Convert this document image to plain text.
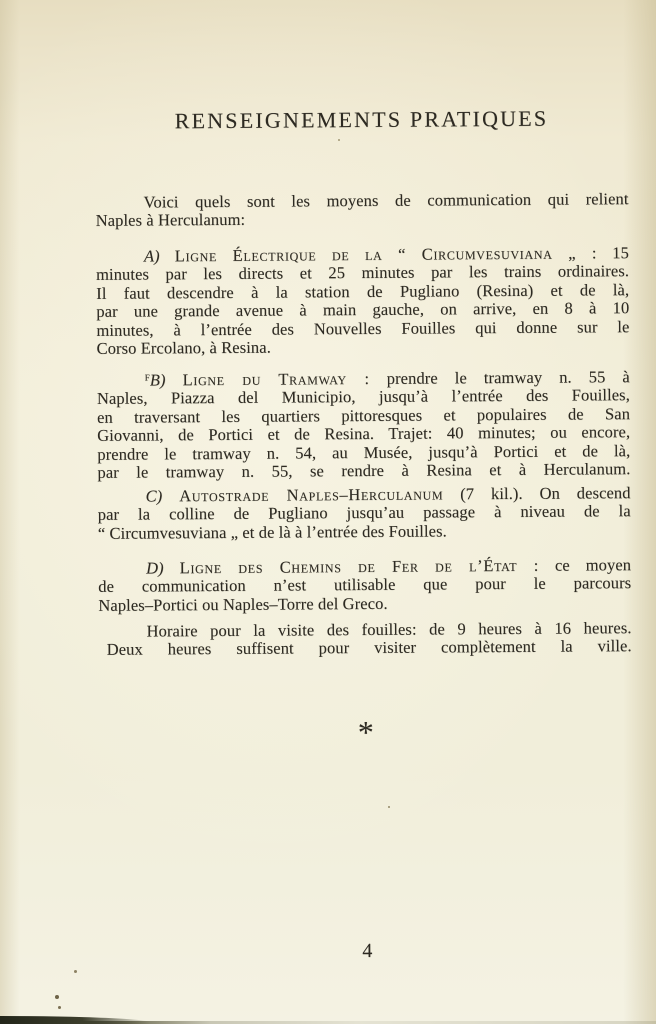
RENSEIGNEMENTS PRATIQUES
Voici quels sont les moyens de communication qui relient
Naples à Herculanum:
A) Ligne Électrique de la “ Circumvesuviana „ : 15
minutes par les directs et 25 minutes par les trains ordinaires.
Il faut descendre à la station de Pugliano (Resina) et de là,
par une grande avenue à main gauche, on arrive, en 8 à 10
minutes, à l’entrée des Nouvelles Fouilles qui donne sur le
Corso Ercolano, à Resina.
$^F$B) Ligne du Tramway : prendre le tramway n. 55 à
Naples, Piazza del Municipio, jusqu’à l’entrée des Fouilles,
en traversant les quartiers pittoresques et populaires de San
Giovanni, de Portici et de Resina. Trajet: 40 minutes; ou encore,
prendre le tramway n. 54, au Musée, jusqu’à Portici et de là,
par le tramway n. 55, se rendre à Resina et à Herculanum.
C) Autostrade Naples–Herculanum (7 kil.). On descend
par la colline de Pugliano jusqu’au passage à niveau de la
“ Circumvesuviana „ et de là à l’entrée des Fouilles.
D) Ligne des Chemins de Fer de l’État : ce moyen
de communication n’est utilisable que pour le parcours
Naples–Portici ou Naples–Torre del Greco.
Horaire pour la visite des fouilles: de 9 heures à 16 heures.
Deux heures suffisent pour visiter complètement la ville.
*
4
